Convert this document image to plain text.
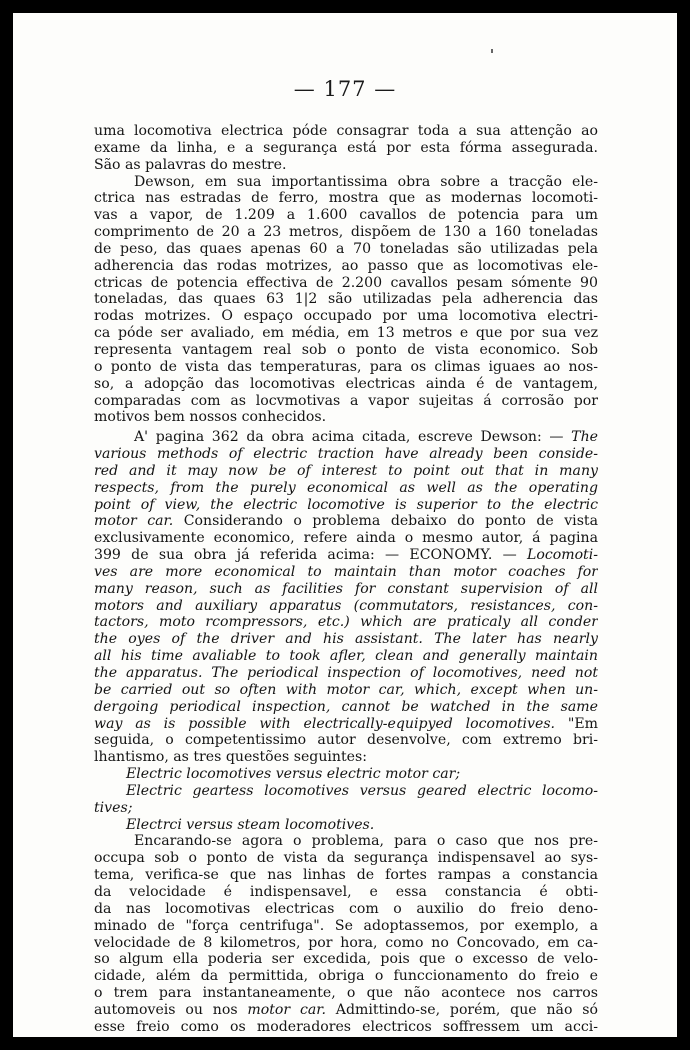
— 177 —
uma locomotiva electrica póde consagrar toda a sua attenção ao
exame da linha, e a segurança está por esta fórma assegurada.
São as palavras do mestre.
Dewson, em sua importantissima obra sobre a tracção ele-
ctrica nas estradas de ferro, mostra que as modernas locomoti-
vas a vapor, de 1.209 a 1.600 cavallos de potencia para um
comprimento de 20 a 23 metros, dispõem de 130 a 160 toneladas
de peso, das quaes apenas 60 a 70 toneladas são utilizadas pela
adherencia das rodas motrizes, ao passo que as locomotivas ele-
ctricas de potencia effectiva de 2.200 cavallos pesam sómente 90
toneladas, das quaes 63 1|2 são utilizadas pela adherencia das
rodas motrizes. O espaço occupado por uma locomotiva electri-
ca póde ser avaliado, em média, em 13 metros e que por sua vez
representa vantagem real sob o ponto de vista economico. Sob
o ponto de vista das temperaturas, para os climas iguaes ao nos-
so, a adopção das locomotivas electricas ainda é de vantagem,
comparadas com as locvmotivas a vapor sujeitas á corrosão por
motivos bem nossos conhecidos.
A' pagina 362 da obra acima citada, escreve Dewson: — The
various methods of electric traction have already been conside-
red and it may now be of interest to point out that in many
respects, from the purely economical as well as the operating
point of view, the electric locomotive is superior to the electric
motor car. Considerando o problema debaixo do ponto de vista
exclusivamente economico, refere ainda o mesmo autor, á pagina
399 de sua obra já referida acima: — ECONOMY. — Locomoti-
ves are more economical to maintain than motor coaches for
many reason, such as facilities for constant supervision of all
motors and auxiliary apparatus (commutators, resistances, con-
tactors, moto rcompressors, etc.) which are praticaly all conder
the oyes of the driver and his assistant. The later has nearly
all his time avaliable to took afler, clean and generally maintain
the apparatus. The periodical inspection of locomotives, need not
be carried out so often with motor car, which, except when un-
dergoing periodical inspection, cannot be watched in the same
way as is possible with electrically-equipyed locomotives. "Em
seguida, o competentissimo autor desenvolve, com extremo bri-
lhantismo, as tres questões seguintes:
Electric locomotives versus electric motor car;
Electric geartess locomotives versus geared electric locomo-
tives;
Electrci versus steam locomotives.
Encarando-se agora o problema, para o caso que nos pre-
occupa sob o ponto de vista da segurança indispensavel ao sys-
tema, verifica-se que nas linhas de fortes rampas a constancia
da velocidade é indispensavel, e essa constancia é obti-
da nas locomotivas electricas com o auxilio do freio deno-
minado de "força centrifuga". Se adoptassemos, por exemplo, a
velocidade de 8 kilometros, por hora, como no Concovado, em ca-
so algum ella poderia ser excedida, pois que o excesso de velo-
cidade, além da permittida, obriga o funccionamento do freio e
o trem para instantaneamente, o que não acontece nos carros
automoveis ou nos motor car. Admittindo-se, porém, que não só
esse freio como os moderadores electricos soffressem um acci-
